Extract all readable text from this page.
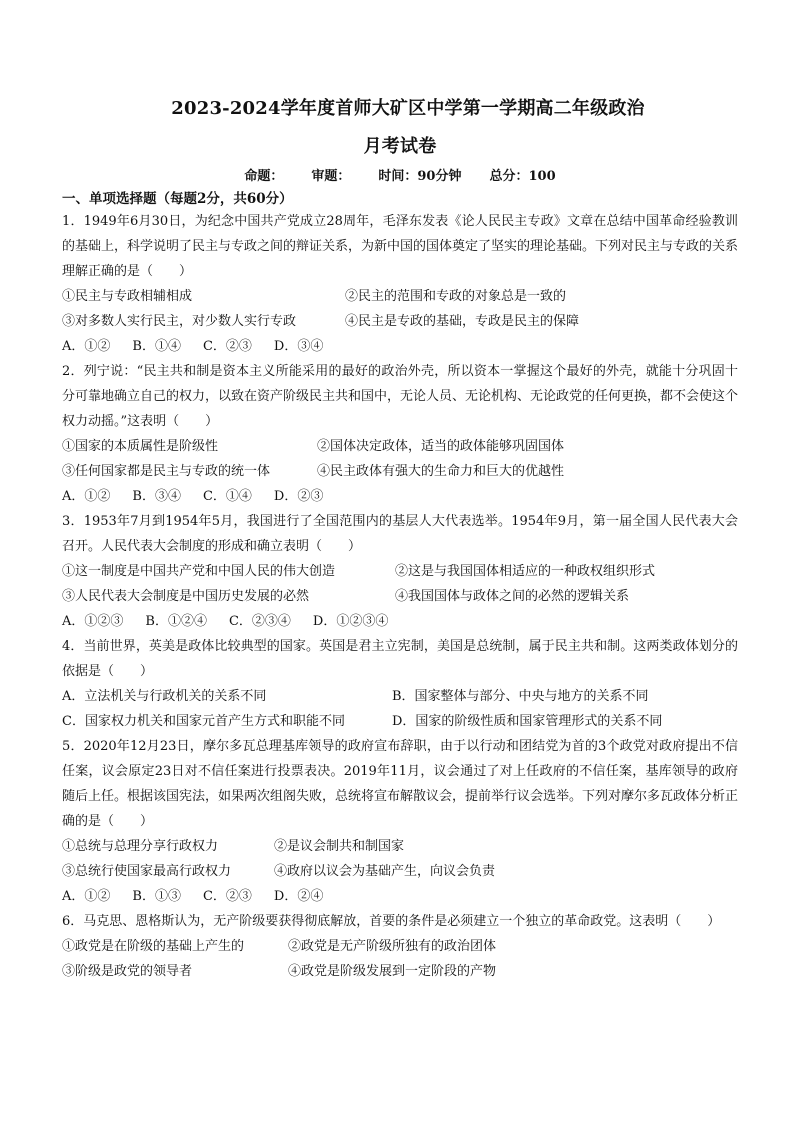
2023-2024学年度首师大矿区中学第一学期高二年级政治
月考试卷
命题： 审题： 时间：90分钟 总分：100
一、单项选择题（每题2分，共60分）

1．1949年6月30日，为纪念中国共产党成立28周年，毛泽东发表《论人民民主专政》文章在总结中国革命经验教训的基础上，科学说明了民主与专政之间的辩证关系，为新中国的国体奠定了坚实的理论基础。下列对民主与专政的关系理解正确的是（　　）

①民主与专政相辅相成	②民主的范围和专政的对象总是一致的
③对多数人实行民主，对少数人实行专政	④民主是专政的基础，专政是民主的保障
A．①② B．①④ C．②③ D．③④

2．列宁说：“民主共和制是资本主义所能采用的最好的政治外壳，所以资本一掌握这个最好的外壳，就能十分巩固十分可靠地确立自己的权力，以致在资产阶级民主共和国中，无论人员、无论机构、无论政党的任何更换，都不会使这个权力动摇。”这表明（　　）

①国家的本质属性是阶级性	②国体决定政体，适当的政体能够巩固国体
③任何国家都是民主与专政的统一体	④民主政体有强大的生命力和巨大的优越性
A．①② B．③④ C．①④ D．②③

3．1953年7月到1954年5月，我国进行了全国范围内的基层人大代表选举。1954年9月，第一届全国人民代表大会召开。人民代表大会制度的形成和确立表明（　　）

①这一制度是中国共产党和中国人民的伟大创造	②这是与我国国体相适应的一种政权组织形式
③人民代表大会制度是中国历史发展的必然	④我国国体与政体之间的必然的逻辑关系
A．①②③ B．①②④ C．②③④ D．①②③④

4．当前世界，英美是政体比较典型的国家。英国是君主立宪制，美国是总统制，属于民主共和制。这两类政体划分的依据是（　　）

A．立法机关与行政机关的关系不同	B．国家整体与部分、中央与地方的关系不同
C．国家权力机关和国家元首产生方式和职能不同	D．国家的阶级性质和国家管理形式的关系不同

5．2020年12月23日，摩尔多瓦总理基库领导的政府宣布辞职，由于以行动和团结党为首的3个政党对政府提出不信任案，议会原定23日对不信任案进行投票表决。2019年11月，议会通过了对上任政府的不信任案，基库领导的政府随后上任。根据该国宪法，如果两次组阁失败，总统将宣布解散议会，提前举行议会选举。下列对摩尔多瓦政体分析正确的是（　　）

①总统与总理分享行政权力	②是议会制共和制国家
③总统行使国家最高行政权力	④政府以议会为基础产生，向议会负责
A．①② B．①③ C．②③ D．②④

6．马克思、恩格斯认为，无产阶级要获得彻底解放，首要的条件是必须建立一个独立的革命政党。这表明（　　）

①政党是在阶级的基础上产生的	②政党是无产阶级所独有的政治团体
③阶级是政党的领导者	④政党是阶级发展到一定阶段的产物
